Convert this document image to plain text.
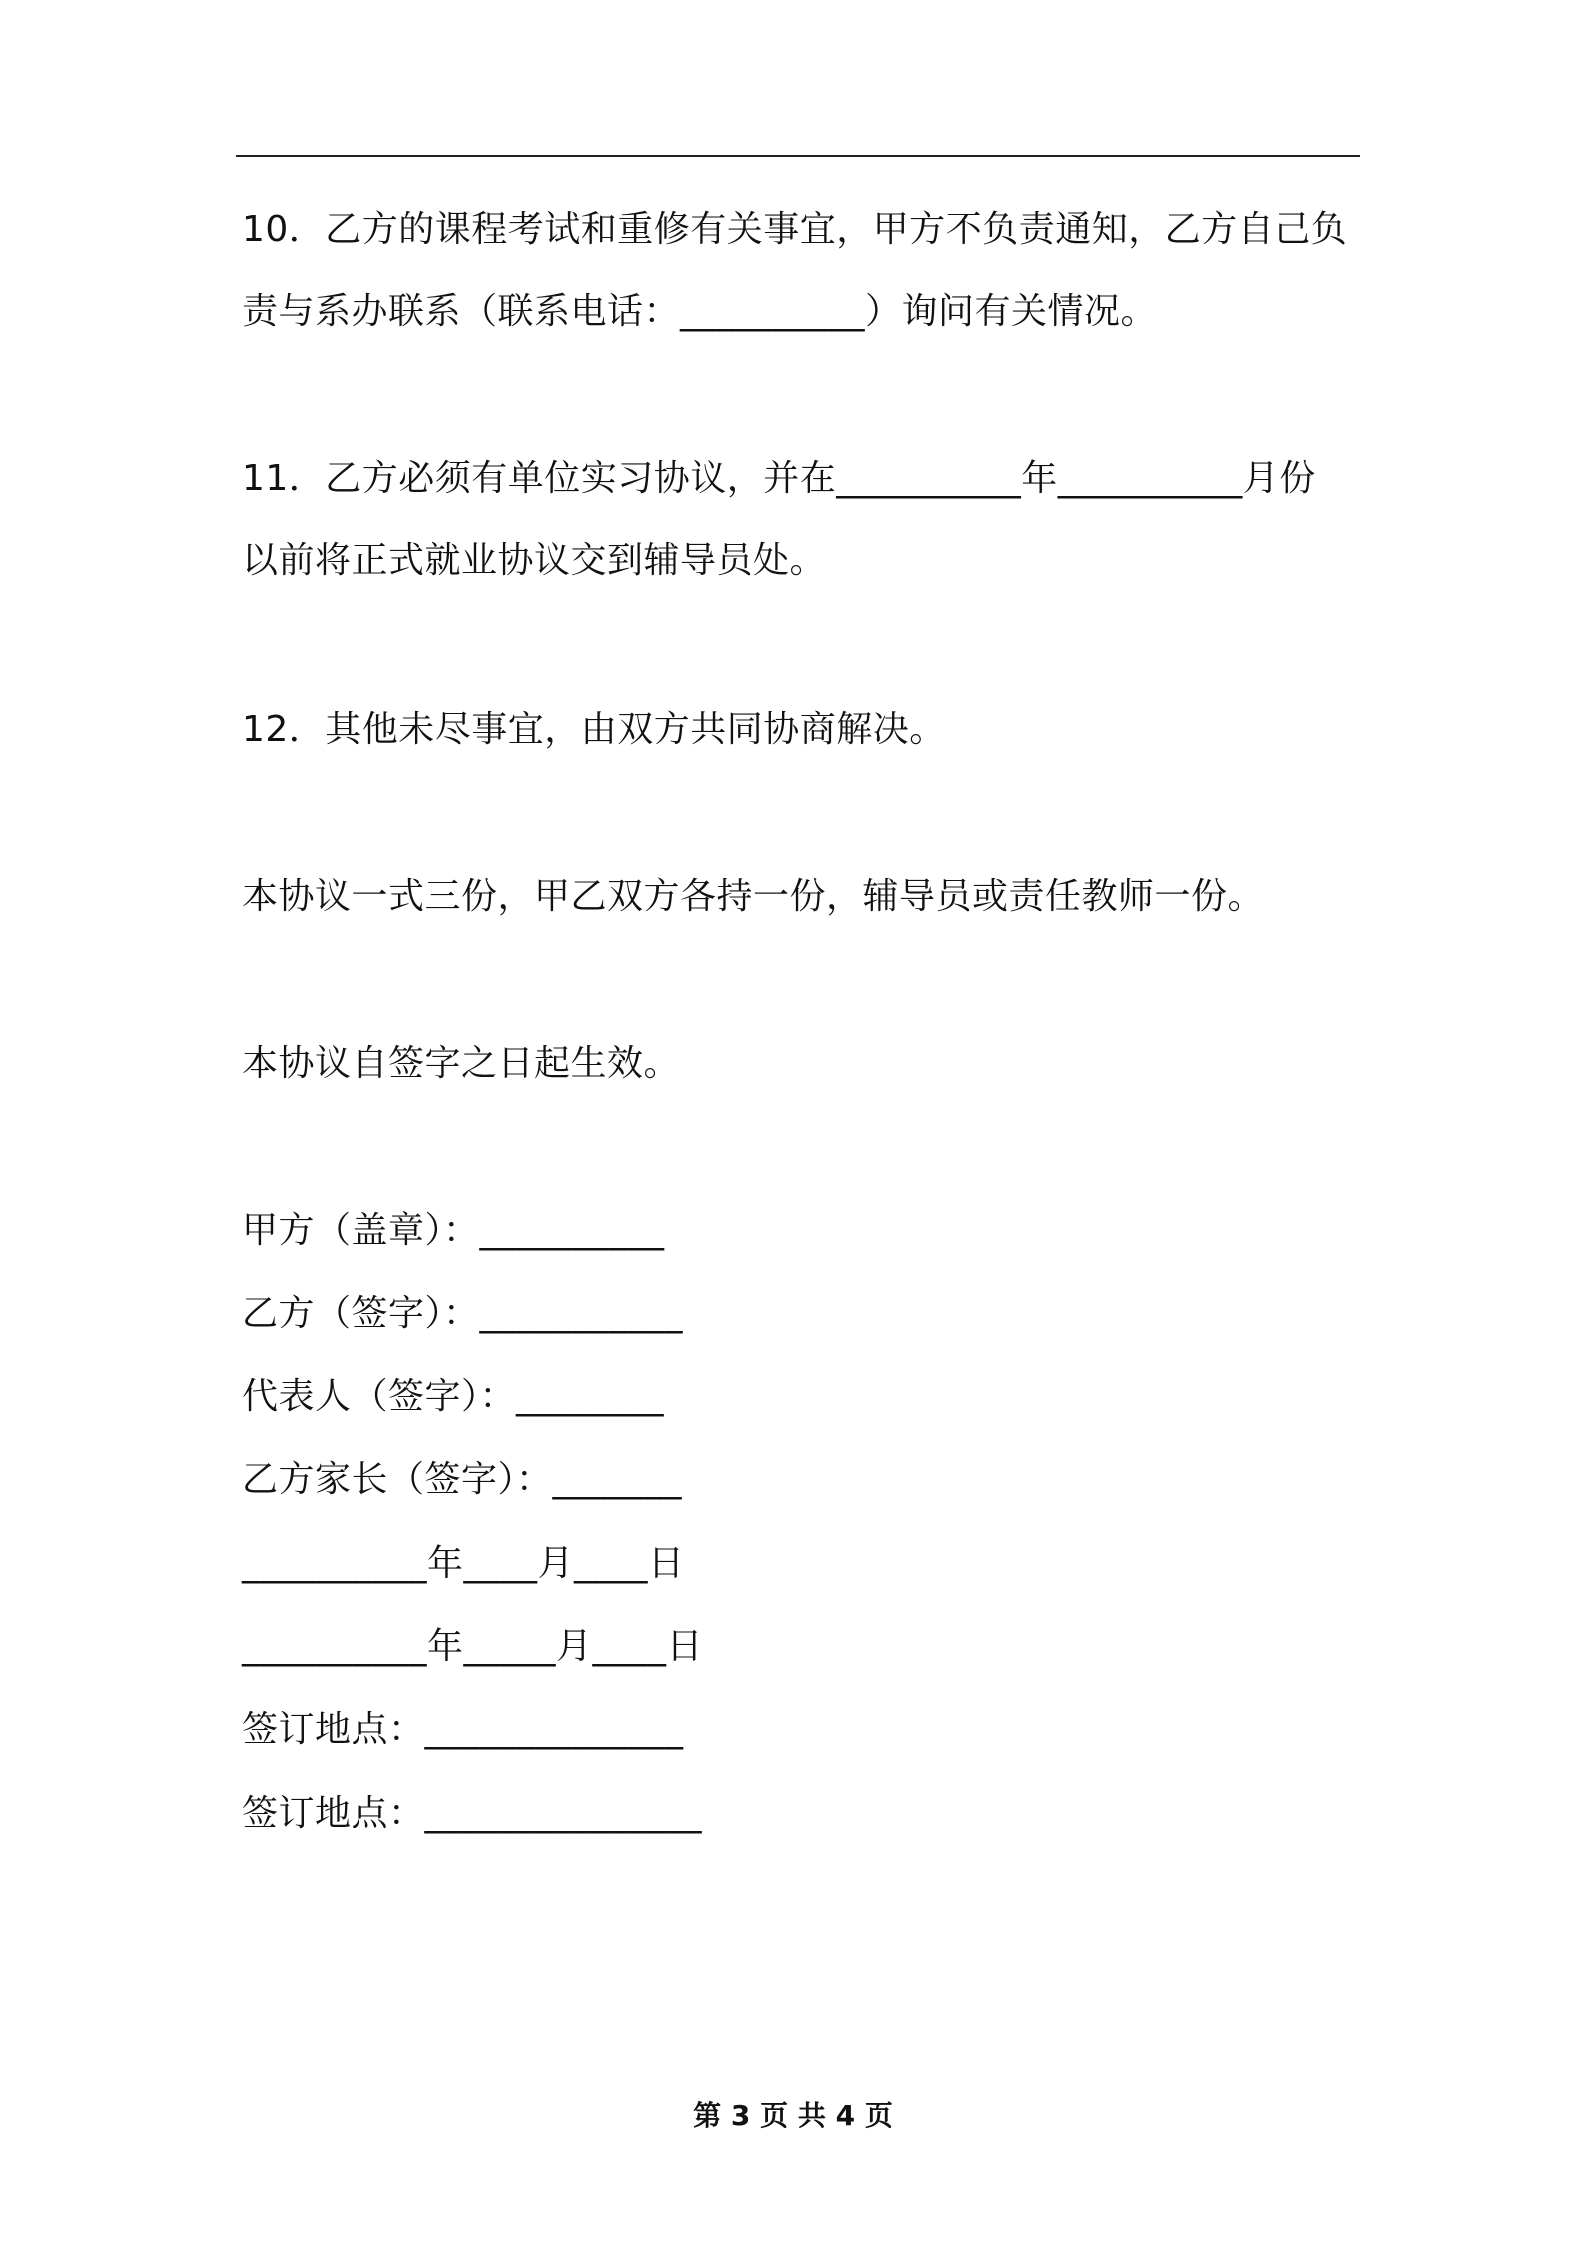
10．乙方的课程考试和重修有关事宜，甲方不负责通知，乙方自己负
责与系办联系（联系电话：__________）询问有关情况。
11．乙方必须有单位实习协议，并在__________年__________月份
以前将正式就业协议交到辅导员处。
12．其他未尽事宜，由双方共同协商解决。
本协议一式三份，甲乙双方各持一份，辅导员或责任教师一份。
本协议自签字之日起生效。
甲方（盖章）：__________
乙方（签字）：___________
代表人（签字）：________
乙方家长（签字）：_______
__________年____月____日
__________年_____月____日
签订地点：______________
签订地点：_______________
第 3 页 共 4 页
